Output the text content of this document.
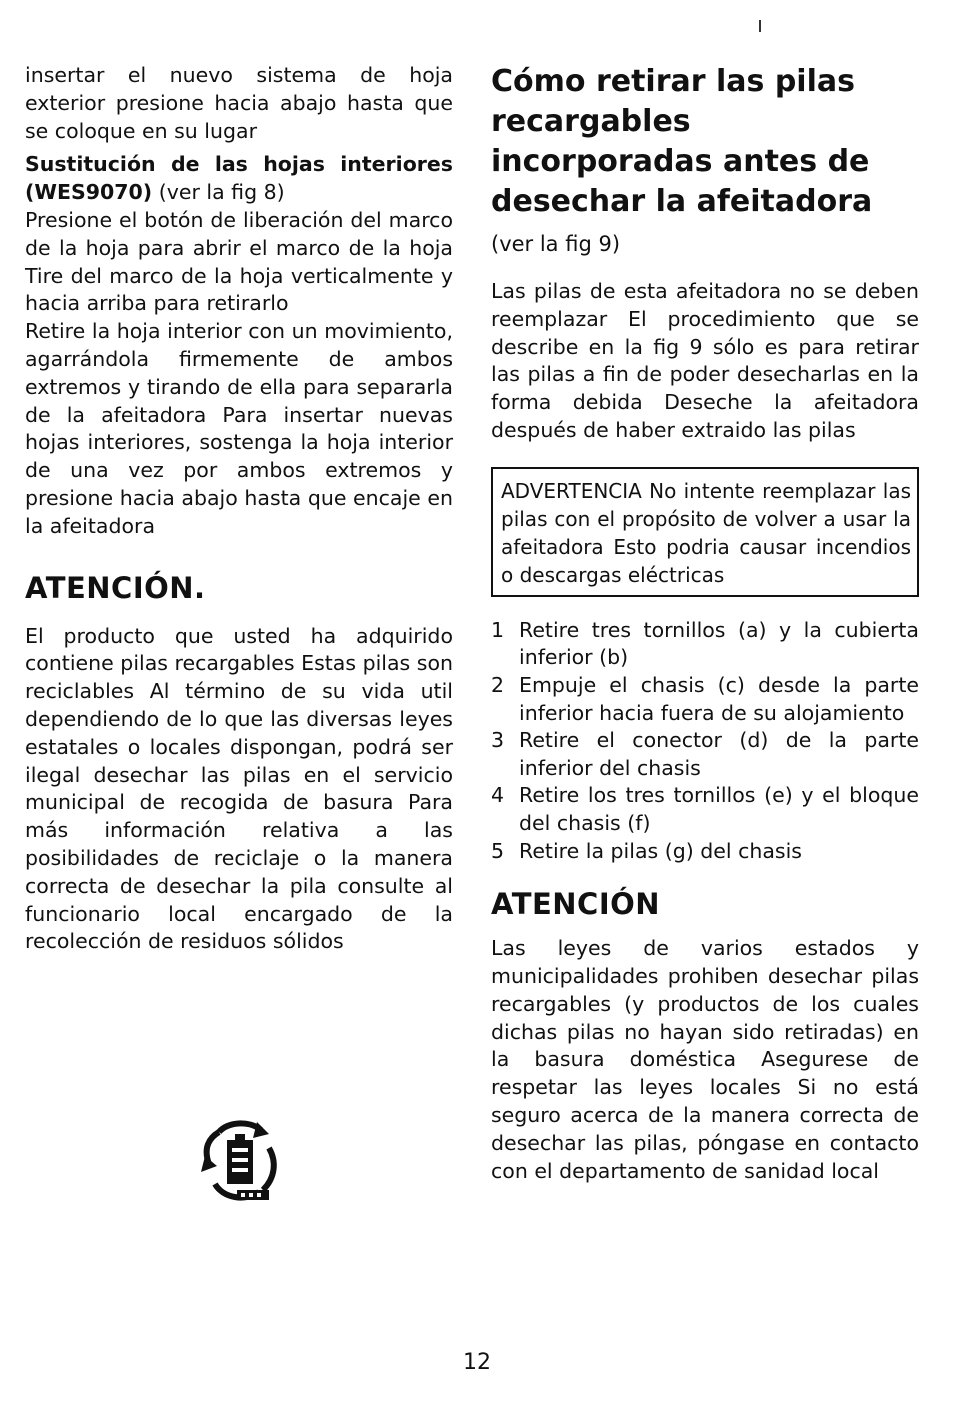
insertar el nuevo sistema de hoja exterior presione hacia abajo hasta que se coloque en su lugar

Sustitución de las hojas interiores (WES9070) (ver la fig 8)

Presione el botón de liberación del marco de la hoja para abrir el marco de la hoja Tire del marco de la hoja verticalmente y hacia arriba para retirarlo

Retire la hoja interior con un movimiento, agarrándola firmemente de ambos extremos y tirando de ella para separarla de la afeitadora Para insertar nuevas hojas interiores, sostenga la hoja interior de una vez por ambos extremos y presione hacia abajo hasta que encaje en la afeitadora

ATENCIÓN.

El producto que usted ha adquirido contiene pilas recargables Estas pilas son reciclables Al término de su vida util dependiendo de lo que las diversas leyes estatales o locales dispongan, podrá ser ilegal desechar las pilas en el servicio municipal de recogida de basura Para más información relativa a las posibilidades de reciclaje o la manera correcta de desechar la pila consulte al funcionario local encargado de la recolección de residuos sólidos

Cómo retirar las pilas recargables incorporadas antes de desechar la afeitadora (ver la fig 9)

Las pilas de esta afeitadora no se deben reemplazar El procedimiento que se describe en la fig 9 sólo es para retirar las pilas a fin de poder desecharlas en la forma debida Deseche la afeitadora después de haber extraido las pilas

ADVERTENCIA No intente reemplazar las pilas con el propósito de volver a usar la afeitadora Esto podria causar incendios o descargas eléctricas

1 Retire tres tornillos (a) y la cubierta inferior (b)
2 Empuje el chasis (c) desde la parte inferior hacia fuera de su alojamiento
3 Retire el conector (d) de la parte inferior del chasis
4 Retire los tres tornillos (e) y el bloque del chasis (f)
5 Retire la pilas (g) del chasis
ATENCIÓN

Las leyes de varios estados y municipalidades prohiben desechar pilas recargables (y productos de los cuales dichas pilas no hayan sido retiradas) en la basura doméstica Asegurese de respetar las leyes locales Si no está seguro acerca de la manera correcta de desechar las pilas, póngase en contacto con el departamento de sanidad local

12
